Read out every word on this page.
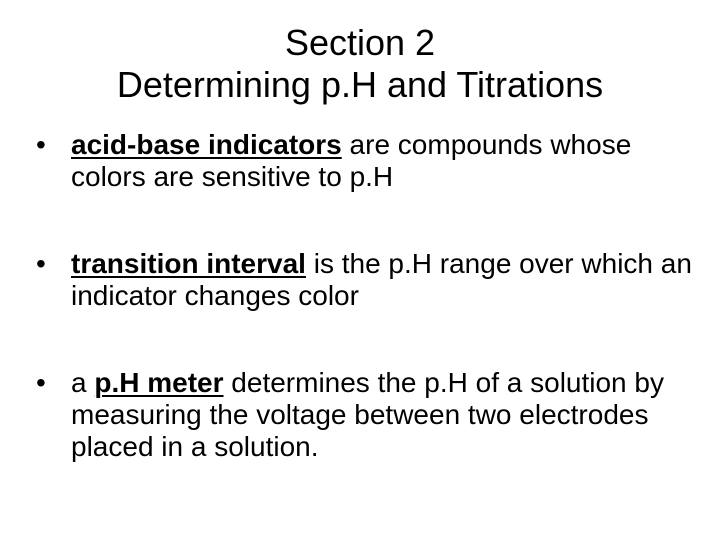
Section 2
Determining p.H and Titrations
• acid-base indicators are compounds whose colors are sensitive to p.H
• transition interval is the p.H range over which an indicator changes color
• a p.H meter determines the p.H of a solution by measuring the voltage between two electrodes placed in a solution.
